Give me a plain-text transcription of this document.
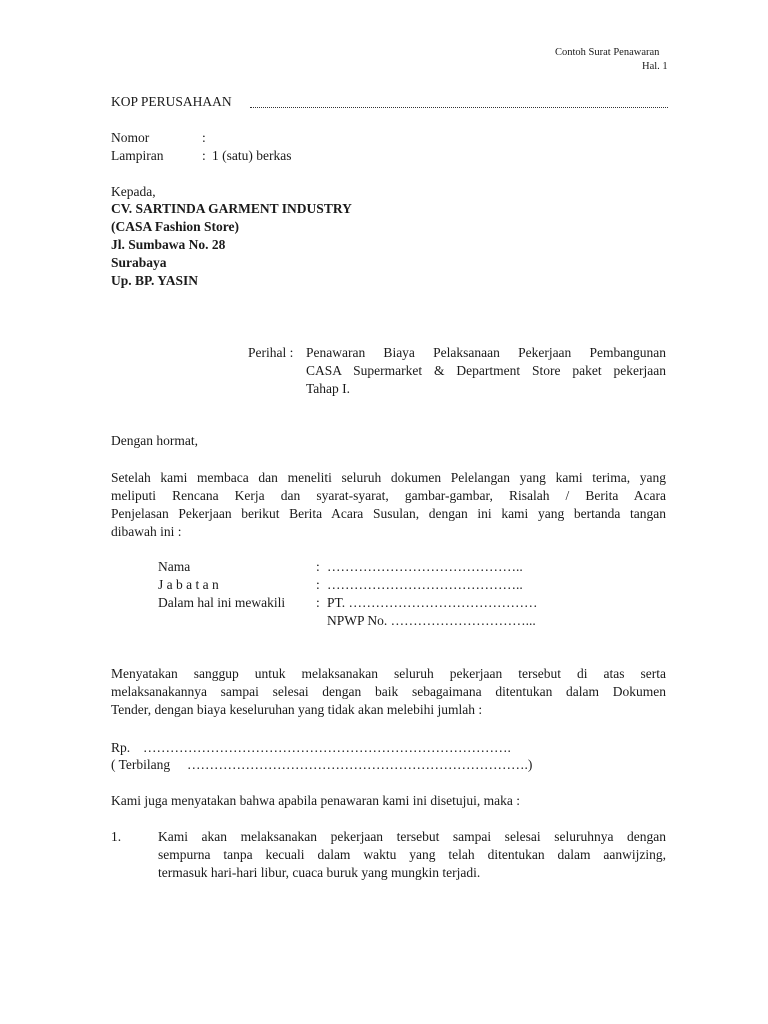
Contoh Surat Penawaran
Hal. 1
KOP PERUSAHAAN
Nomor	:
Lampiran	: 1 (satu) berkas
Kepada,
CV. SARTINDA GARMENT INDUSTRY
(CASA Fashion Store)
Jl. Sumbawa No. 28
Surabaya
Up. BP. YASIN
Perihal : Penawaran Biaya Pelaksanaan Pekerjaan Pembangunan
CASA Supermarket & Department Store paket pekerjaan
Tahap I.
Dengan hormat,
Setelah kami membaca dan meneliti seluruh dokumen Pelelangan yang kami terima, yang
meliputi Rencana Kerja dan syarat-syarat, gambar-gambar, Risalah / Berita Acara
Penjelasan Pekerjaan berikut Berita Acara Susulan, dengan ini kami yang bertanda tangan
dibawah ini :
Nama	: ……………………………………..
J a b a t a n	: ……………………………………..
Dalam hal ini mewakili : PT. ……………………………………
NPWP No. …………………………...
Menyatakan sanggup untuk melaksanakan seluruh pekerjaan tersebut di atas serta
melaksanakannya sampai selesai dengan baik sebagaimana ditentukan dalam Dokumen
Tender, dengan biaya keseluruhan yang tidak akan melebihi jumlah :
Rp. ……………………………………………………………………….
( Terbilang ………………………………………………………………….)
Kami juga menyatakan bahwa apabila penawaran kami ini disetujui, maka :
1.	Kami akan melaksanakan pekerjaan tersebut sampai selesai seluruhnya dengan
sempurna tanpa kecuali dalam waktu yang telah ditentukan dalam aanwijzing,
termasuk hari-hari libur, cuaca buruk yang mungkin terjadi.
